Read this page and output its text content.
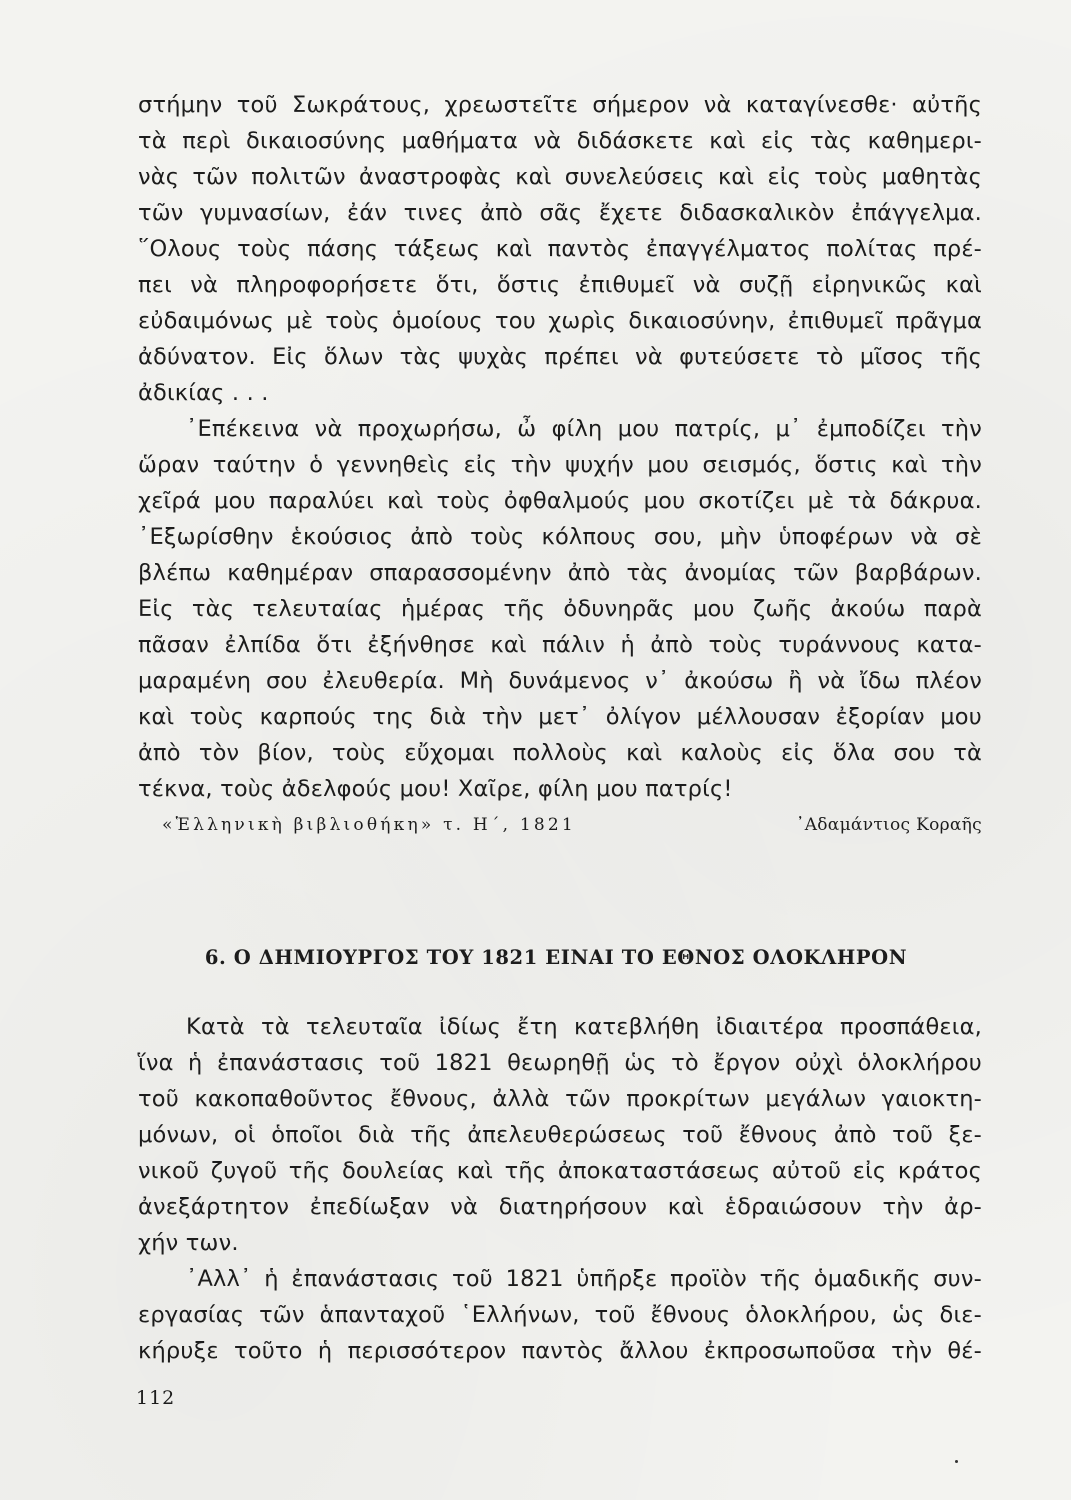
στήμην τοῦ Σωκράτους, χρεωστεῖτε σήμερον νὰ καταγίνεσθε· αὐτῆς
τὰ περὶ δικαιοσύνης μαθήματα νὰ διδάσκετε καὶ εἰς τὰς καθημερι-
νὰς τῶν πολιτῶν ἀναστροφὰς καὶ συνελεύσεις καὶ εἰς τοὺς μαθητὰς
τῶν γυμνασίων, ἐάν τινες ἀπὸ σᾶς ἔχετε διδασκαλικὸν ἐπάγγελμα.
῞Ολους τοὺς πάσης τάξεως καὶ παντὸς ἐπαγγέλματος πολίτας πρέ-
πει νὰ πληροφορήσετε ὅτι, ὅστις ἐπιθυμεῖ νὰ συζῇ εἰρηνικῶς καὶ
εὐδαιμόνως μὲ τοὺς ὁμοίους του χωρὶς δικαιοσύνην, ἐπιθυμεῖ πρᾶγμα
ἀδύνατον. Εἰς ὅλων τὰς ψυχὰς πρέπει νὰ φυτεύσετε τὸ μῖσος τῆς
ἀδικίας . . .
᾿Επέκεινα νὰ προχωρήσω, ὦ φίλη μου πατρίς, μ᾿ ἐμποδίζει τὴν
ὥραν ταύτην ὁ γεννηθεὶς εἰς τὴν ψυχήν μου σεισμός, ὅστις καὶ τὴν
χεῖρά μου παραλύει καὶ τοὺς ὀφθαλμούς μου σκοτίζει μὲ τὰ δάκρυα.
᾿Εξωρίσθην ἑκούσιος ἀπὸ τοὺς κόλπους σου, μὴν ὑποφέρων νὰ σὲ
βλέπω καθημέραν σπαρασσομένην ἀπὸ τὰς ἀνομίας τῶν βαρβάρων.
Εἰς τὰς τελευταίας ἡμέρας τῆς ὀδυνηρᾶς μου ζωῆς ἀκούω παρὰ
πᾶσαν ἐλπίδα ὅτι ἐξήνθησε καὶ πάλιν ἡ ἀπὸ τοὺς τυράννους κατα-
μαραμένη σου ἐλευθερία. Μὴ δυνάμενος ν᾿ ἀκούσω ἢ νὰ ἴδω πλέον
καὶ τοὺς καρπούς της διὰ τὴν μετ᾿ ὀλίγον μέλλουσαν ἐξορίαν μου
ἀπὸ τὸν βίον, τοὺς εὔχομαι πολλοὺς καὶ καλοὺς εἰς ὅλα σου τὰ
τέκνα, τοὺς ἀδελφούς μου! Χαῖρε, φίλη μου πατρίς!
«Ἑλληνικὴ βιβλιοθήκη» τ. Η΄, 1821	᾿Αδαμάντιος Κοραῆς
6. Ο ΔΗΜΙΟΥΡΓΟΣ ΤΟΥ 1821 ΕΙΝΑΙ ΤΟ ΕΘΝΟΣ ΟΛΟΚΛΗΡΟΝ
Κατὰ τὰ τελευταῖα ἰδίως ἔτη κατεβλήθη ἰδιαιτέρα προσπάθεια,
ἵνα ἡ ἐπανάστασις τοῦ 1821 θεωρηθῇ ὡς τὸ ἔργον οὐχὶ ὁλοκλήρου
τοῦ κακοπαθοῦντος ἔθνους, ἀλλὰ τῶν προκρίτων μεγάλων γαιοκτη-
μόνων, οἱ ὁποῖοι διὰ τῆς ἀπελευθερώσεως τοῦ ἔθνους ἀπὸ τοῦ ξε-
νικοῦ ζυγοῦ τῆς δουλείας καὶ τῆς ἀποκαταστάσεως αὐτοῦ εἰς κράτος
ἀνεξάρτητον ἐπεδίωξαν νὰ διατηρήσουν καὶ ἑδραιώσουν τὴν ἀρ-
χήν των.
᾿Αλλ᾿ ἡ ἐπανάστασις τοῦ 1821 ὑπῆρξε προϊὸν τῆς ὁμαδικῆς συν-
εργασίας τῶν ἁπανταχοῦ ῾Ελλήνων, τοῦ ἔθνους ὁλοκλήρου, ὡς διε-
κήρυξε τοῦτο ἡ περισσότερον παντὸς ἄλλου ἐκπροσωποῦσα τὴν θέ-
112
